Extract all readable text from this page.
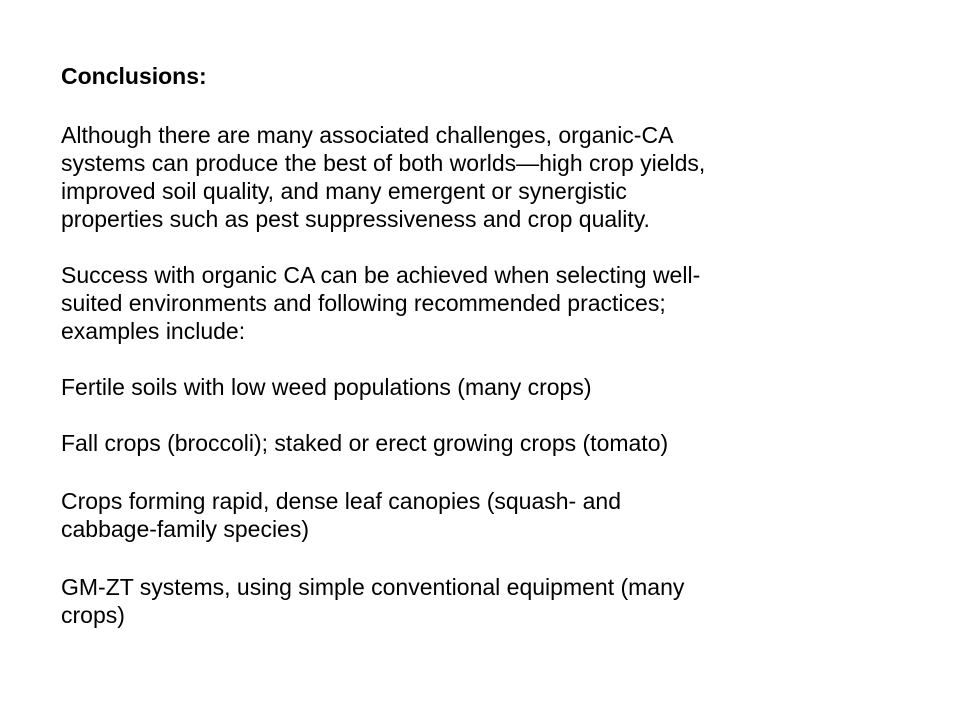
Conclusions:

Although there are many associated challenges, organic-CA
systems can produce the best of both worlds—high crop yields,
improved soil quality, and many emergent or synergistic
properties such as pest suppressiveness and crop quality.

Success with organic CA can be achieved when selecting well-
suited environments and following recommended practices;
examples include:

Fertile soils with low weed populations (many crops)

Fall crops (broccoli); staked or erect growing crops (tomato)

Crops forming rapid, dense leaf canopies (squash- and
cabbage-family species)

GM-ZT systems, using simple conventional equipment (many
crops)
